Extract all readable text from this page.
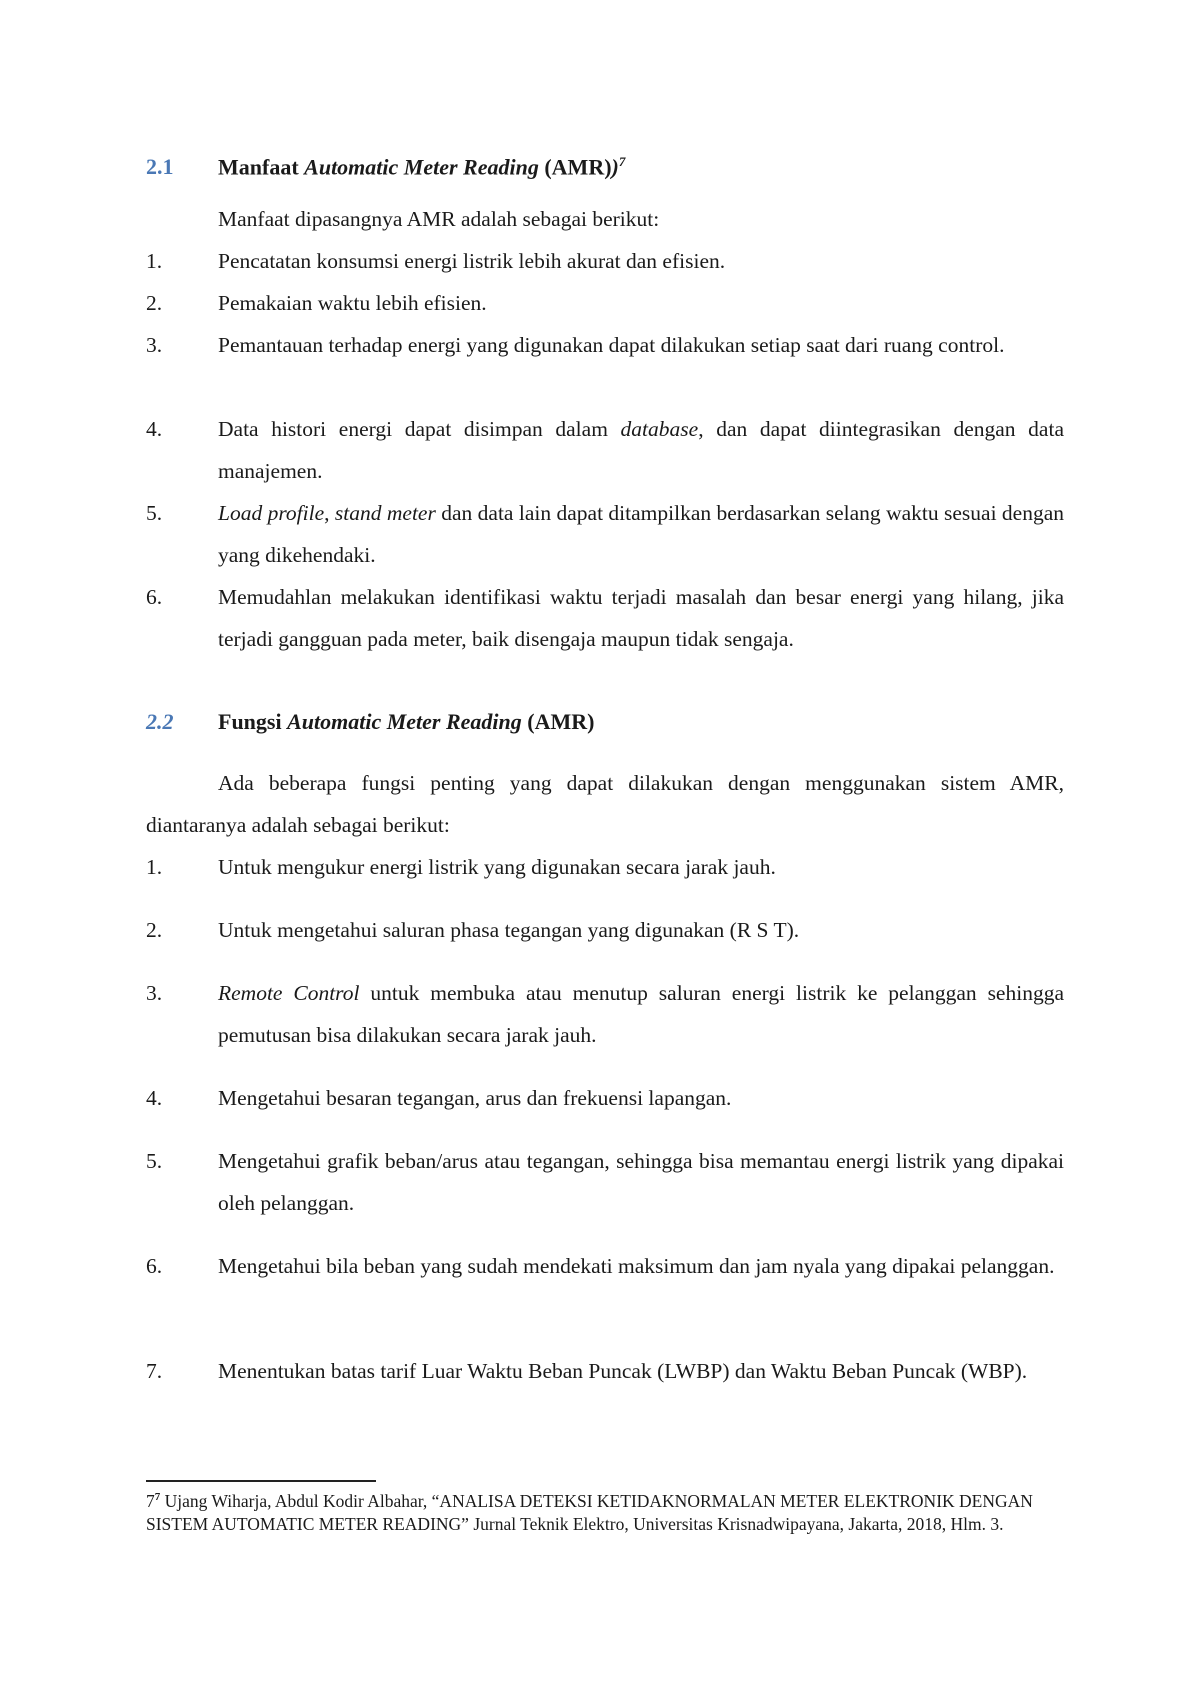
2.1 Manfaat Automatic Meter Reading (AMR))$^7$
Manfaat dipasangnya AMR adalah sebagai berikut:
1.	Pencatatan konsumsi energi listrik lebih akurat dan efisien.
2.	Pemakaian waktu lebih efisien.
3.	Pemantauan terhadap energi yang digunakan dapat dilakukan setiap saat dari ruang control.
4.	Data histori energi dapat disimpan dalam database, dan dapat diintegrasikan dengan data manajemen.
5.	Load profile, stand meter dan data lain dapat ditampilkan berdasarkan selang waktu sesuai dengan yang dikehendaki.
6.	Memudahlan melakukan identifikasi waktu terjadi masalah dan besar energi yang hilang, jika terjadi gangguan pada meter, baik disengaja maupun tidak sengaja.
2.2 Fungsi Automatic Meter Reading (AMR)
Ada beberapa fungsi penting yang dapat dilakukan dengan menggunakan sistem AMR, diantaranya adalah sebagai berikut:
1.	Untuk mengukur energi listrik yang digunakan secara jarak jauh.
2.	Untuk mengetahui saluran phasa tegangan yang digunakan (R S T).
3.	Remote Control untuk membuka atau menutup saluran energi listrik ke pelanggan sehingga pemutusan bisa dilakukan secara jarak jauh.
4.	Mengetahui besaran tegangan, arus dan frekuensi lapangan.
5.	Mengetahui grafik beban/arus atau tegangan, sehingga bisa memantau energi listrik yang dipakai oleh pelanggan.
6.	Mengetahui bila beban yang sudah mendekati maksimum dan jam nyala yang dipakai pelanggan.
7.	Menentukan batas tarif Luar Waktu Beban Puncak (LWBP) dan Waktu Beban Puncak (WBP).
$7^7$ Ujang Wiharja, Abdul Kodir Albahar, “ANALISA DETEKSI KETIDAKNORMALAN METER ELEKTRONIK DENGAN SISTEM AUTOMATIC METER READING” Jurnal Teknik Elektro, Universitas Krisnadwipayana, Jakarta, 2018, Hlm. 3.
